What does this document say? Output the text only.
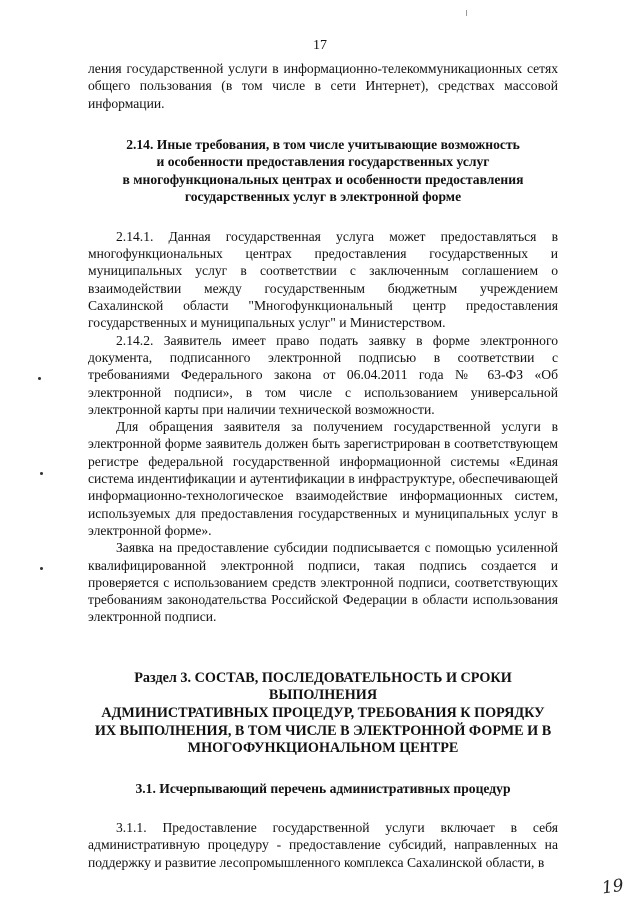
17

ления государственной услуги в информационно-телекоммуникационных сетях общего пользования (в том числе в сети Интернет), средствах массовой информации.

2.14. Иные требования, в том числе учитывающие возможность
и особенности предоставления государственных услуг
в многофункциональных центрах и особенности предоставления
государственных услуг в электронной форме

2.14.1. Данная государственная услуга может предоставляться в многофункциональных центрах предоставления государственных и муниципальных услуг в соответствии с заключенным соглашением о взаимодействии между государственным бюджетным учреждением Сахалинской области "Многофункциональный центр предоставления государственных и муниципальных услуг" и Министерством.

2.14.2. Заявитель имеет право подать заявку в форме электронного документа, подписанного электронной подписью в соответствии с требованиями Федерального закона от 06.04.2011 года № 63-ФЗ «Об электронной подписи», в том числе с использованием универсальной электронной карты при наличии технической возможности.

Для обращения заявителя за получением государственной услуги в электронной форме заявитель должен быть зарегистрирован в соответствующем регистре федеральной государственной информационной системы «Единая система индентификации и аутентификации в инфраструктуре, обеспечивающей информационно-технологическое взаимодействие информационных систем, используемых для предоставления государственных и муниципальных услуг в электронной форме».

Заявка на предоставление субсидии подписывается с помощью усиленной квалифицированной электронной подписи, такая подпись создается и проверяется с использованием средств электронной подписи, соответствующих требованиям законодательства Российской Федерации в области использования электронной подписи.

Раздел 3. СОСТАВ, ПОСЛЕДОВАТЕЛЬНОСТЬ И СРОКИ
ВЫПОЛНЕНИЯ
АДМИНИСТРАТИВНЫХ ПРОЦЕДУР, ТРЕБОВАНИЯ К ПОРЯДКУ
ИХ ВЫПОЛНЕНИЯ, В ТОМ ЧИСЛЕ В ЭЛЕКТРОННОЙ ФОРМЕ И В
МНОГОФУНКЦИОНАЛЬНОМ ЦЕНТРЕ
3.1. Исчерпывающий перечень административных процедур

3.1.1. Предоставление государственной услуги включает в себя административную процедуру - предоставление субсидий, направленных на поддержку и развитие лесопромышленного комплекса Сахалинской области, в

19
